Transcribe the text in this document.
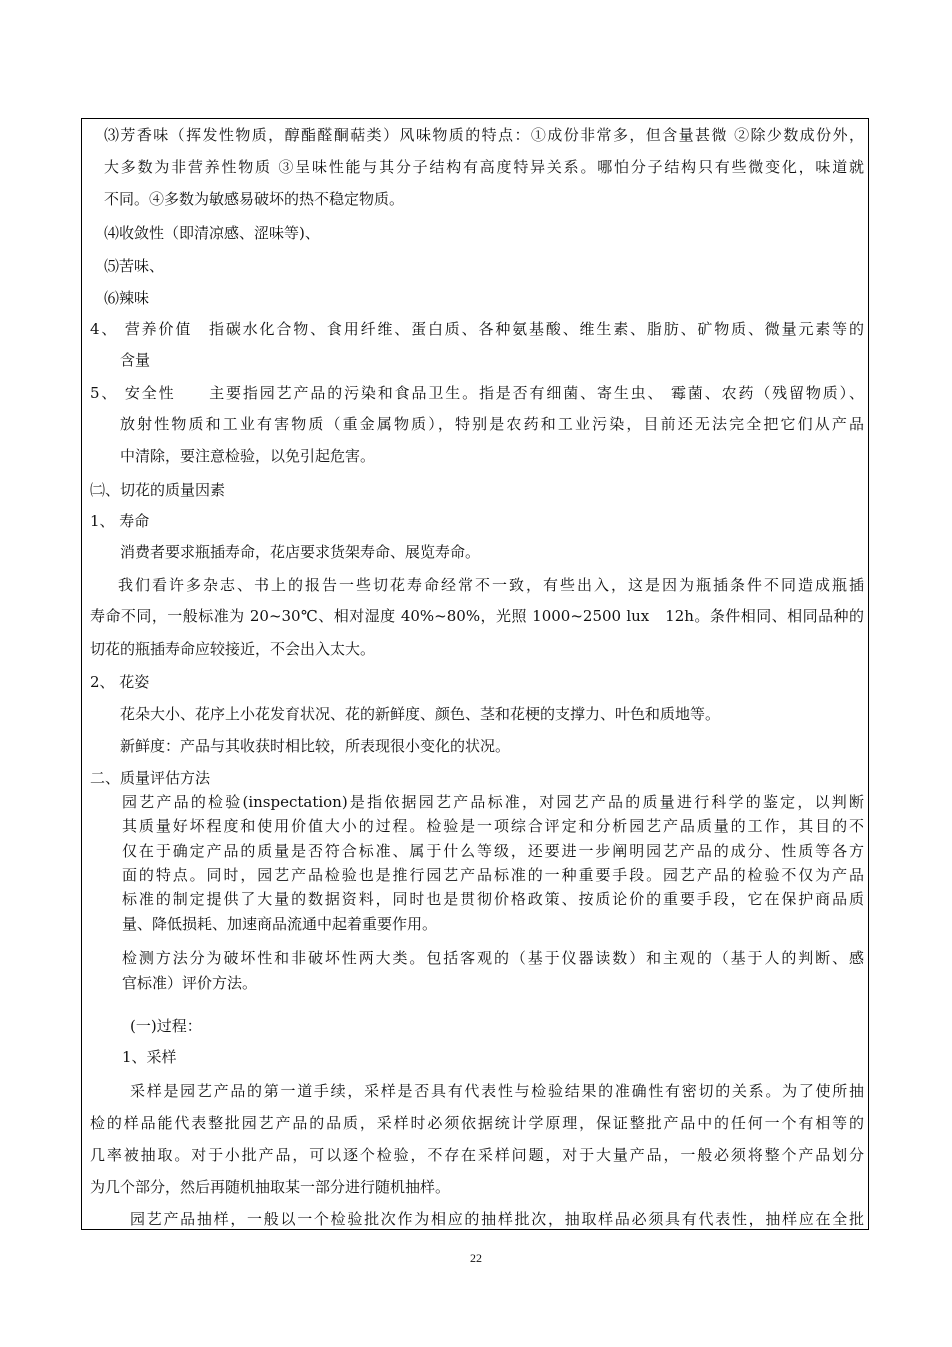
⑶芳香味（挥发性物质，醇酯醛酮萜类）风味物质的特点：①成份非常多，但含量甚微 ②除少数成份外，
大多数为非营养性物质 ③呈味性能与其分子结构有高度特异关系。哪怕分子结构只有些微变化，味道就
不同。④多数为敏感易破坏的热不稳定物质。
⑷收敛性（即清凉感、涩味等)、
⑸苦味、
⑹辣味
4、 营养价值　指碳水化合物、食用纤维、蛋白质、各种氨基酸、维生素、脂肪、矿物质、微量元素等的
含量
5、 安全性　　主要指园艺产品的污染和食品卫生。指是否有细菌、寄生虫、 霉菌、农药（残留物质）、
放射性物质和工业有害物质（重金属物质），特别是农药和工业污染，目前还无法完全把它们从产品
中清除，要注意检验，以免引起危害。
㈡、切花的质量因素
1、 寿命
消费者要求瓶插寿命，花店要求货架寿命、展览寿命。
我们看许多杂志、书上的报告一些切花寿命经常不一致，有些出入，这是因为瓶插条件不同造成瓶插
寿命不同，一般标准为 20~30℃、相对湿度 40%~80%，光照 1000~2500 lux　12h。条件相同、相同品种的
切花的瓶插寿命应较接近，不会出入太大。
2、 花姿
花朵大小、花序上小花发育状况、花的新鲜度、颜色、茎和花梗的支撑力、叶色和质地等。
新鲜度：产品与其收获时相比较，所表现很小变化的状况。
二、质量评估方法
园艺产品的检验(inspectation)是指依据园艺产品标准，对园艺产品的质量进行科学的鉴定，以判断
其质量好坏程度和使用价值大小的过程。检验是一项综合评定和分析园艺产品质量的工作，其目的不
仅在于确定产品的质量是否符合标准、属于什么等级，还要进一步阐明园艺产品的成分、性质等各方
面的特点。同时，园艺产品检验也是推行园艺产品标准的一种重要手段。园艺产品的检验不仅为产品
标准的制定提供了大量的数据资料，同时也是贯彻价格政策、按质论价的重要手段，它在保护商品质
量、降低损耗、加速商品流通中起着重要作用。
检测方法分为破坏性和非破坏性两大类。包括客观的（基于仪器读数）和主观的（基于人的判断、感
官标准）评价方法。
(一)过程：
1、采样
采样是园艺产品的第一道手续，采样是否具有代表性与检验结果的准确性有密切的关系。为了使所抽
检的样品能代表整批园艺产品的品质，采样时必须依据统计学原理，保证整批产品中的任何一个有相等的
几率被抽取。对于小批产品，可以逐个检验，不存在采样问题，对于大量产品，一般必须将整个产品划分
为几个部分，然后再随机抽取某一部分进行随机抽样。
园艺产品抽样，一般以一个检验批次作为相应的抽样批次，抽取样品必须具有代表性，抽样应在全批
22
